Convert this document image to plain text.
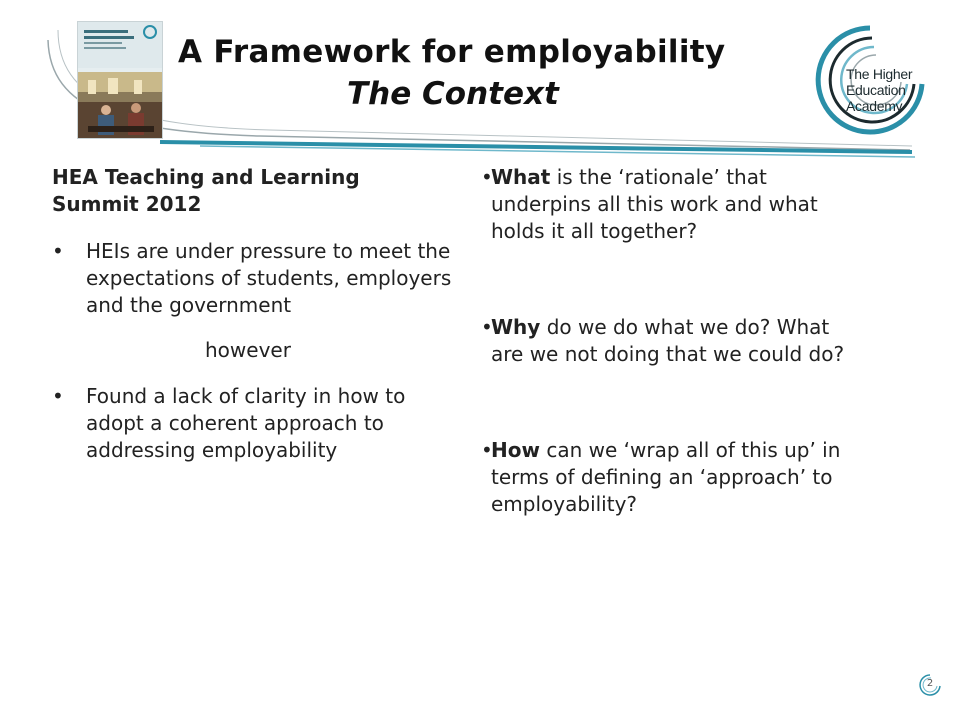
A Framework for employability
The Context
The Higher Education Academy
HEA Teaching and Learning Summit 2012
• HEIs are under pressure to meet the expectations of students, employers and the government
however
• Found a lack of clarity in how to adopt a coherent approach to addressing employability
•
What is the ‘rationale’ that underpins all this work and what holds it all together?
•
Why do we do what we do? What are we not doing that we could do?
•
How can we ‘wrap all of this up’ in terms of defining an ‘approach’ to employability?
2
